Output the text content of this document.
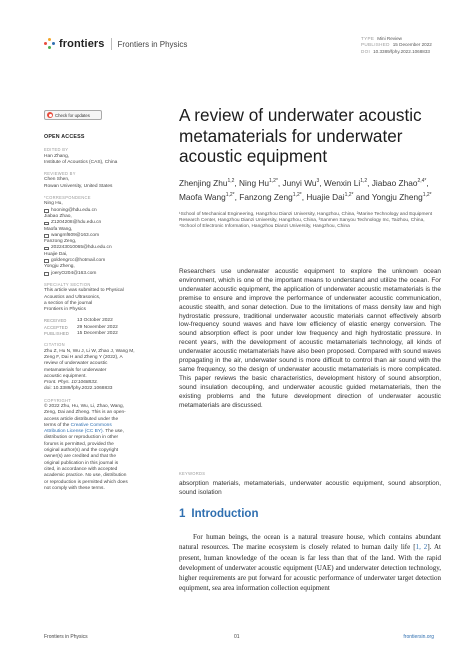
frontiers Frontiers in Physics
TYPE Mini Review
PUBLISHED 15 December 2022
DOI 10.3389/fphy.2022.1068833
Check for updates
OPEN ACCESS
EDITED BY
Han Zhang,
Institute of Acoustics (CAS), China
REVIEWED BY
Chen Shen,
Rowan University, United States
*CORRESPONDENCE
Ning Hu,
hooning@hdu.edu.cn
Jiabao Zhao,
Z1204208@hdu.edu.cn
Maofa Wang,
wangmf609@163.com
Fanzong Zeng,
202243010065@hdu.edu.cn
Huajie Dai,
goldengrcc@hotmail.com
Yongju Zheng,
joeryO204@163.com
SPECIALTY SECTION
This article was submitted to Physical
Acoustics and Ultrasonics,
a section of the journal
Frontiers in Physics
RECEIVED	13 October 2022
ACCEPTED	29 November 2022
PUBLISHED	15 December 2022
CITATION
Zhu Z, Hu N, Wu J, Li W, Zhao J, Wang M,
Zeng F, Dai H and Zheng Y (2022), A
review of underwater acoustic
metamaterials for underwater
acoustic equipment.
Front. Phys. 10:1068833.
doi: 10.3389/fphy.2022.1068833
COPYRIGHT
© 2022 Zhu, Hu, Wu, Li, Zhao, Wang,
Zeng, Dai and Zheng. This is an open-
access article distributed under the
terms of the Creative Commons
Attribution License (CC BY). The use,
distribution or reproduction in other
forums is permitted, provided the
original author(s) and the copyright
owner(s) are credited and that the
original publication in this journal is
cited, in accordance with accepted
academic practice. No use, distribution
or reproduction is permitted which does
not comply with these terms.
A review of underwater acoustic metamaterials for underwater acoustic equipment
Zhenjing Zhu$^{1,2}$, Ning $Hu^{1,2*}$, Junyi Wu$^3$, Wenxin Li$^{1,2}$, Jiabao Zhao$^{2,4*}$, Maofa Wang$^{1,2*}$, Fanzong Zeng$^{1,2*}$, Huajie Dai$^{1,2*}$ and Yongju Zheng$^{1,2*}$
¹School of Mechanical Engineering, Hangzhou Dianzi University, Hangzhou, China, ²Marine Technology and Equipment Research Center, Hangzhou Dianzi University, Hangzhou, China, ³Sanmen Sanyou Technology Inc, Taizhou, China, ⁴School of Electronic Information, Hangzhou Dianzi University, Hangzhou, China

Researchers use underwater acoustic equipment to explore the unknown ocean environment, which is one of the important means to understand and utilize the ocean. For underwater acoustic equipment, the application of underwater acoustic metamaterials is the premise to ensure and improve the performance of underwater acoustic communication, acoustic stealth, and sonar detection. Due to the limitations of mass density law and high hydrostatic pressure, traditional underwater acoustic materials cannot effectively absorb low-frequency sound waves and have low efficiency of elastic energy conversion. The sound absorption effect is poor under low frequency and high hydrostatic pressure. In recent years, with the development of acoustic metamaterials technology, all kinds of underwater acoustic metamaterials have also been proposed. Compared with sound waves propagating in the air, underwater sound is more difficult to control than air sound with the same frequency, so the design of underwater acoustic metamaterials is more complicated. This paper reviews the basic characteristics, development history of sound absorption, sound insulation decoupling, and underwater acoustic guided metamaterials, then the existing problems and the future development direction of underwater acoustic metamaterials are discussed.

KEYWORDS
absorption materials, metamaterials, underwater acoustic equipment, sound absorption, sound isolation
1 Introduction

For human beings, the ocean is a natural treasure house, which contains abundant natural resources. The marine ecosystem is closely related to human daily life [1, 2]. At present, human knowledge of the ocean is far less than that of the land. With the rapid development of underwater acoustic equipment (UAE) and underwater detection technology, higher requirements are put forward for acoustic performance of underwater target detection equipment, sea area information collection equipment

Frontiers in Physics	01	frontiersin.org
